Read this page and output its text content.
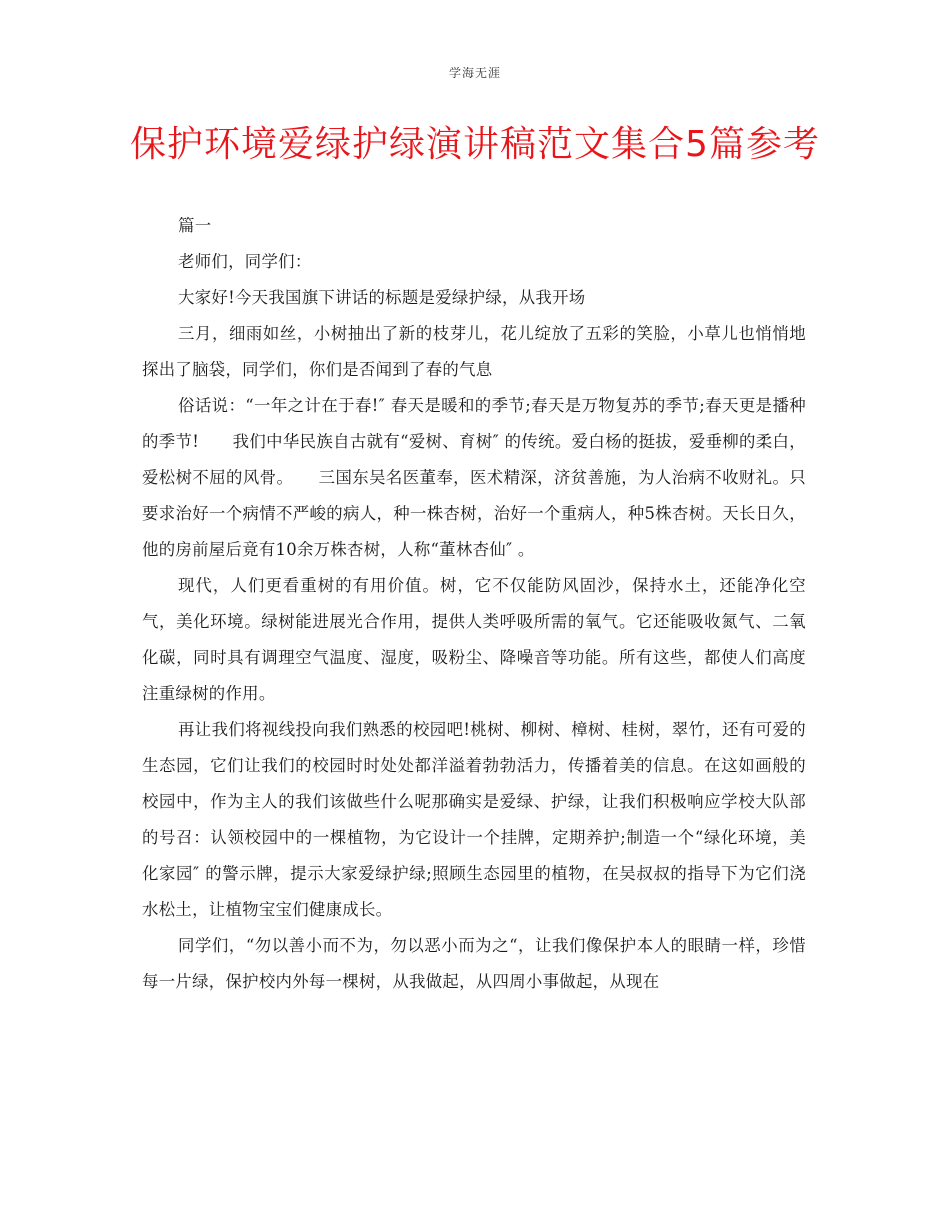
学海无涯
保护环境爱绿护绿演讲稿范文集合5篇参考

篇一

老师们，同学们：

大家好!今天我国旗下讲话的标题是爱绿护绿，从我开场

三月，细雨如丝，小树抽出了新的枝芽儿，花儿绽放了五彩的笑脸，小草儿也悄悄地探出了脑袋，同学们，你们是否闻到了春的气息

俗话说：“一年之计在于春!″ 春天是暖和的季节;春天是万物复苏的季节;春天更是播种的季节!　　我们中华民族自古就有“爱树、育树″ 的传统。爱白杨的挺拔，爱垂柳的柔白，爱松树不屈的风骨。　　三国东吴名医董奉，医术精深，济贫善施，为人治病不收财礼。只要求治好一个病情不严峻的病人，种一株杏树，治好一个重病人，种5株杏树。天长日久，他的房前屋后竟有10余万株杏树，人称“董林杏仙″ 。

现代，人们更看重树的有用价值。树，它不仅能防风固沙，保持水土，还能净化空气，美化环境。绿树能进展光合作用，提供人类呼吸所需的氧气。它还能吸收氮气、二氧化碳，同时具有调理空气温度、湿度，吸粉尘、降噪音等功能。所有这些，都使人们高度注重绿树的作用。

再让我们将视线投向我们熟悉的校园吧!桃树、柳树、樟树、桂树，翠竹，还有可爱的生态园，它们让我们的校园时时处处都洋溢着勃勃活力，传播着美的信息。在这如画般的校园中，作为主人的我们该做些什么呢那确实是爱绿、护绿，让我们积极响应学校大队部的号召：认领校园中的一棵植物，为它设计一个挂牌，定期养护;制造一个“绿化环境，美化家园″ 的警示牌，提示大家爱绿护绿;照顾生态园里的植物，在吴叔叔的指导下为它们浇水松土，让植物宝宝们健康成长。

同学们，“勿以善小而不为，勿以恶小而为之“，让我们像保护本人的眼睛一样，珍惜每一片绿，保护校内外每一棵树，从我做起，从四周小事做起，从现在
